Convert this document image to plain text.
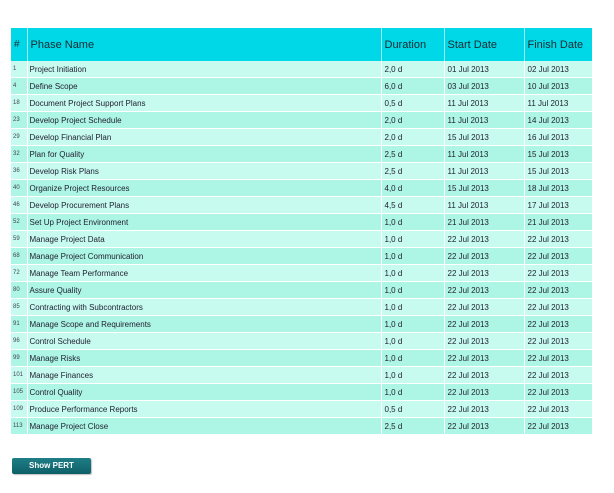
#	Phase Name	Duration	Start Date	Finish Date
1	Project Initiation	2,0 d	01 Jul 2013	02 Jul 2013
4	Define Scope	6,0 d	03 Jul 2013	10 Jul 2013
18	Document Project Support Plans	0,5 d	11 Jul 2013	11 Jul 2013
23	Develop Project Schedule	2,0 d	11 Jul 2013	14 Jul 2013
29	Develop Financial Plan	2,0 d	15 Jul 2013	16 Jul 2013
32	Plan for Quality	2,5 d	11 Jul 2013	15 Jul 2013
36	Develop Risk Plans	2,5 d	11 Jul 2013	15 Jul 2013
40	Organize Project Resources	4,0 d	15 Jul 2013	18 Jul 2013
46	Develop Procurement Plans	4,5 d	11 Jul 2013	17 Jul 2013
52	Set Up Project Environment	1,0 d	21 Jul 2013	21 Jul 2013
59	Manage Project Data	1,0 d	22 Jul 2013	22 Jul 2013
68	Manage Project Communication	1,0 d	22 Jul 2013	22 Jul 2013
72	Manage Team Performance	1,0 d	22 Jul 2013	22 Jul 2013
80	Assure Quality	1,0 d	22 Jul 2013	22 Jul 2013
85	Contracting with Subcontractors	1,0 d	22 Jul 2013	22 Jul 2013
91	Manage Scope and Requirements	1,0 d	22 Jul 2013	22 Jul 2013
96	Control Schedule	1,0 d	22 Jul 2013	22 Jul 2013
99	Manage Risks	1,0 d	22 Jul 2013	22 Jul 2013
101	Manage Finances	1,0 d	22 Jul 2013	22 Jul 2013
105	Control Quality	1,0 d	22 Jul 2013	22 Jul 2013
109	Produce Performance Reports	0,5 d	22 Jul 2013	22 Jul 2013
113	Manage Project Close	2,5 d	22 Jul 2013	22 Jul 2013
Show PERT
